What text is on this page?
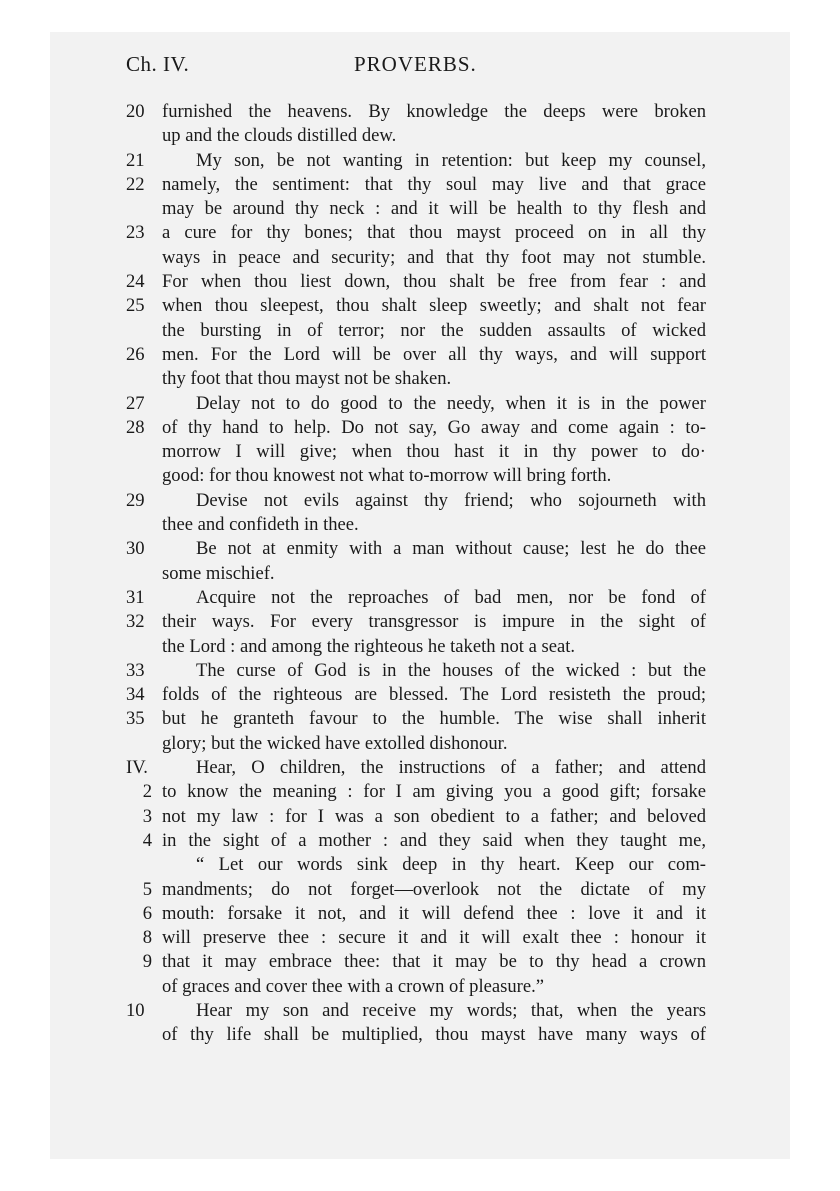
Ch. IV.	PROVERBS.
20 furnished the heavens. By knowledge the deeps were broken
up and the clouds distilled dew.
21	My son, be not wanting in retention: but keep my counsel,
22 namely, the sentiment: that thy soul may live and that grace
may be around thy neck : and it will be health to thy flesh and
23 a cure for thy bones; that thou mayst proceed on in all thy
ways in peace and security; and that thy foot may not stumble.
24 For when thou liest down, thou shalt be free from fear : and
25 when thou sleepest, thou shalt sleep sweetly; and shalt not fear
the bursting in of terror; nor the sudden assaults of wicked
26 men. For the Lord will be over all thy ways, and will support
thy foot that thou mayst not be shaken.
27	Delay not to do good to the needy, when it is in the power
28 of thy hand to help. Do not say, Go away and come again : to-
morrow I will give; when thou hast it in thy power to do·
good: for thou knowest not what to-morrow will bring forth.
29	Devise not evils against thy friend; who sojourneth with
thee and confideth in thee.
30	Be not at enmity with a man without cause; lest he do thee
some mischief.
31	Acquire not the reproaches of bad men, nor be fond of
32 their ways. For every transgressor is impure in the sight of
the Lord : and among the righteous he taketh not a seat.
33	The curse of God is in the houses of the wicked : but the
34 folds of the righteous are blessed. The Lord resisteth the proud;
35 but he granteth favour to the humble. The wise shall inherit
glory; but the wicked have extolled dishonour.
IV.	Hear, O children, the instructions of a father; and attend
2 to know the meaning : for I am giving you a good gift; forsake
3 not my law : for I was a son obedient to a father; and beloved
4 in the sight of a mother : and they said when they taught me,
“ Let our words sink deep in thy heart. Keep our com-
5 mandments; do not forget—overlook not the dictate of my
6 mouth: forsake it not, and it will defend thee : love it and it
8 will preserve thee : secure it and it will exalt thee : honour it
9 that it may embrace thee: that it may be to thy head a crown
of graces and cover thee with a crown of pleasure.”
10	Hear my son and receive my words; that, when the years
of thy life shall be multiplied, thou mayst have many ways of
